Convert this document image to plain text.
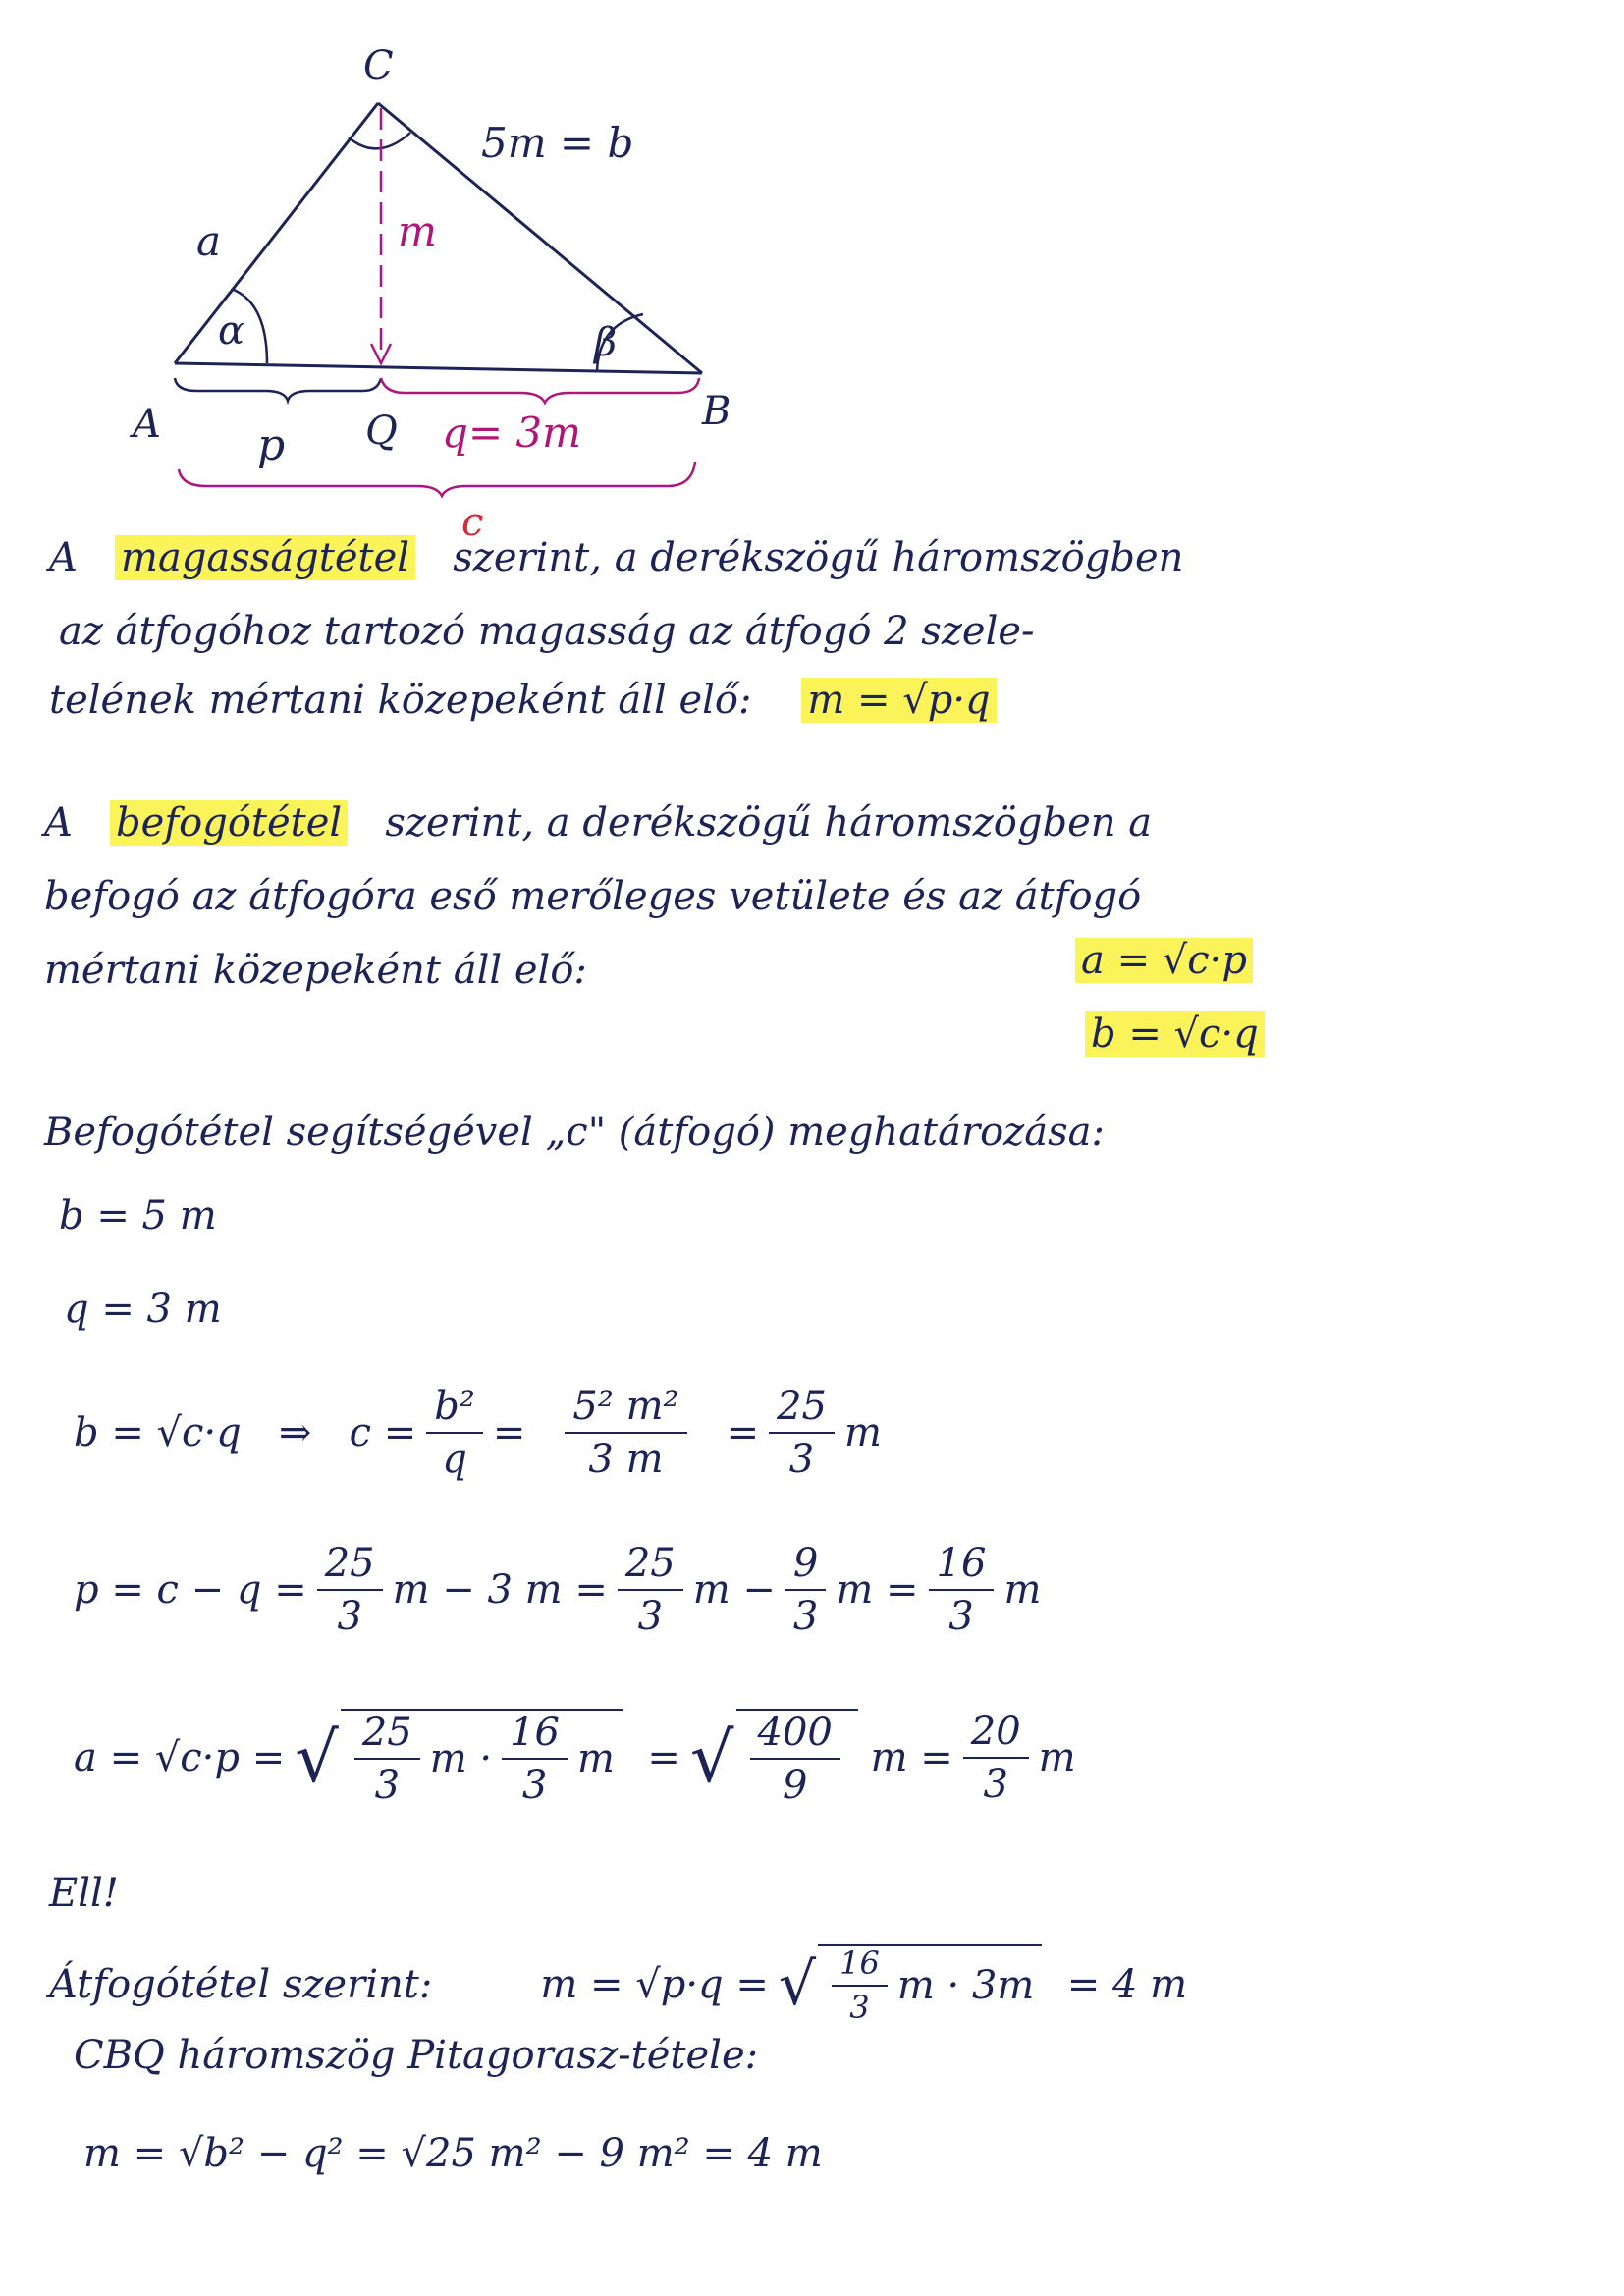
C
5m = b
a	m
α	β
A p Q q= 3m	B
c
A magasságtétel szerint, a derékszögű háromszögben
az átfogóhoz tartozó magasság az átfogó 2 szele-
telének mértani közepeként áll elő: m = √p·q
A befogótétel szerint, a derékszögű háromszögben a
befogó az átfogóra eső merőleges vetülete és az átfogó
mértani közepeként áll elő:	a = √c·p
b = √c·q
Befogótétel segítségével „c" (átfogó) meghatározása:
b = 5 m
q = 3 m
b = √c·q
⇒
$c = \frac{\text{b²}}{q} = \frac{\text{5² m²}}{3 m} = \frac{25}{3}$ m
$p = c - q = \frac{25}{3}$ m − 3 $m = \frac{25}{3}$ $m - \frac{9}{3}$ $m = \frac{16}{3}$ m
a = √c·p = √ $\frac{25}{3}$ $m \cdot \frac{16}{3}$ m
= √ $\frac{400}{9}$
$m = \frac{20}{3}$ m
Ell!
Átfogótétel szerint:	m = √p·q = √ $\frac{16}{3}$ m · 3m
= 4 m
CBQ háromszög Pitagorasz-tétele:
m = √b² − q² = √25 m² − 9 m² = 4 m
